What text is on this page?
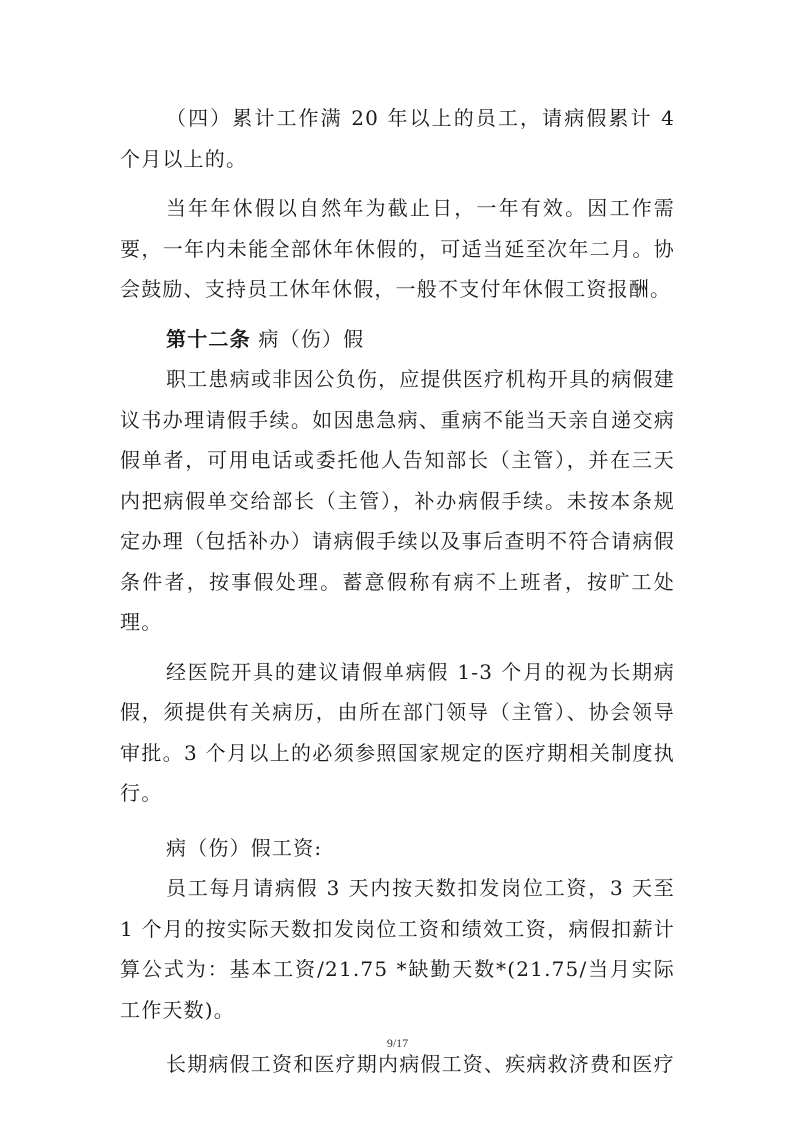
（四）累计工作满 20 年以上的员工，请病假累计 4 个月以上的。

当年年休假以自然年为截止日，一年有效。因工作需要，一年内未能全部休年休假的，可适当延至次年二月。协会鼓励、支持员工休年休假，一般不支付年休假工资报酬。

第十二条 病（伤）假

职工患病或非因公负伤，应提供医疗机构开具的病假建议书办理请假手续。如因患急病、重病不能当天亲自递交病假单者，可用电话或委托他人告知部长（主管），并在三天内把病假单交给部长（主管），补办病假手续。未按本条规定办理（包括补办）请病假手续以及事后查明不符合请病假条件者，按事假处理。蓄意假称有病不上班者，按旷工处理。

经医院开具的建议请假单病假 1-3 个月的视为长期病假，须提供有关病历，由所在部门领导（主管）、协会领导审批。3 个月以上的必须参照国家规定的医疗期相关制度执行。

病（伤）假工资:

员工每月请病假 3 天内按天数扣发岗位工资，3 天至 1 个月的按实际天数扣发岗位工资和绩效工资，病假扣薪计算公式为：基本工资/21.75 *缺勤天数*(21.75/当月实际工作天数)。

长期病假工资和医疗期内病假工资、疾病救济费和医疗

9/17
